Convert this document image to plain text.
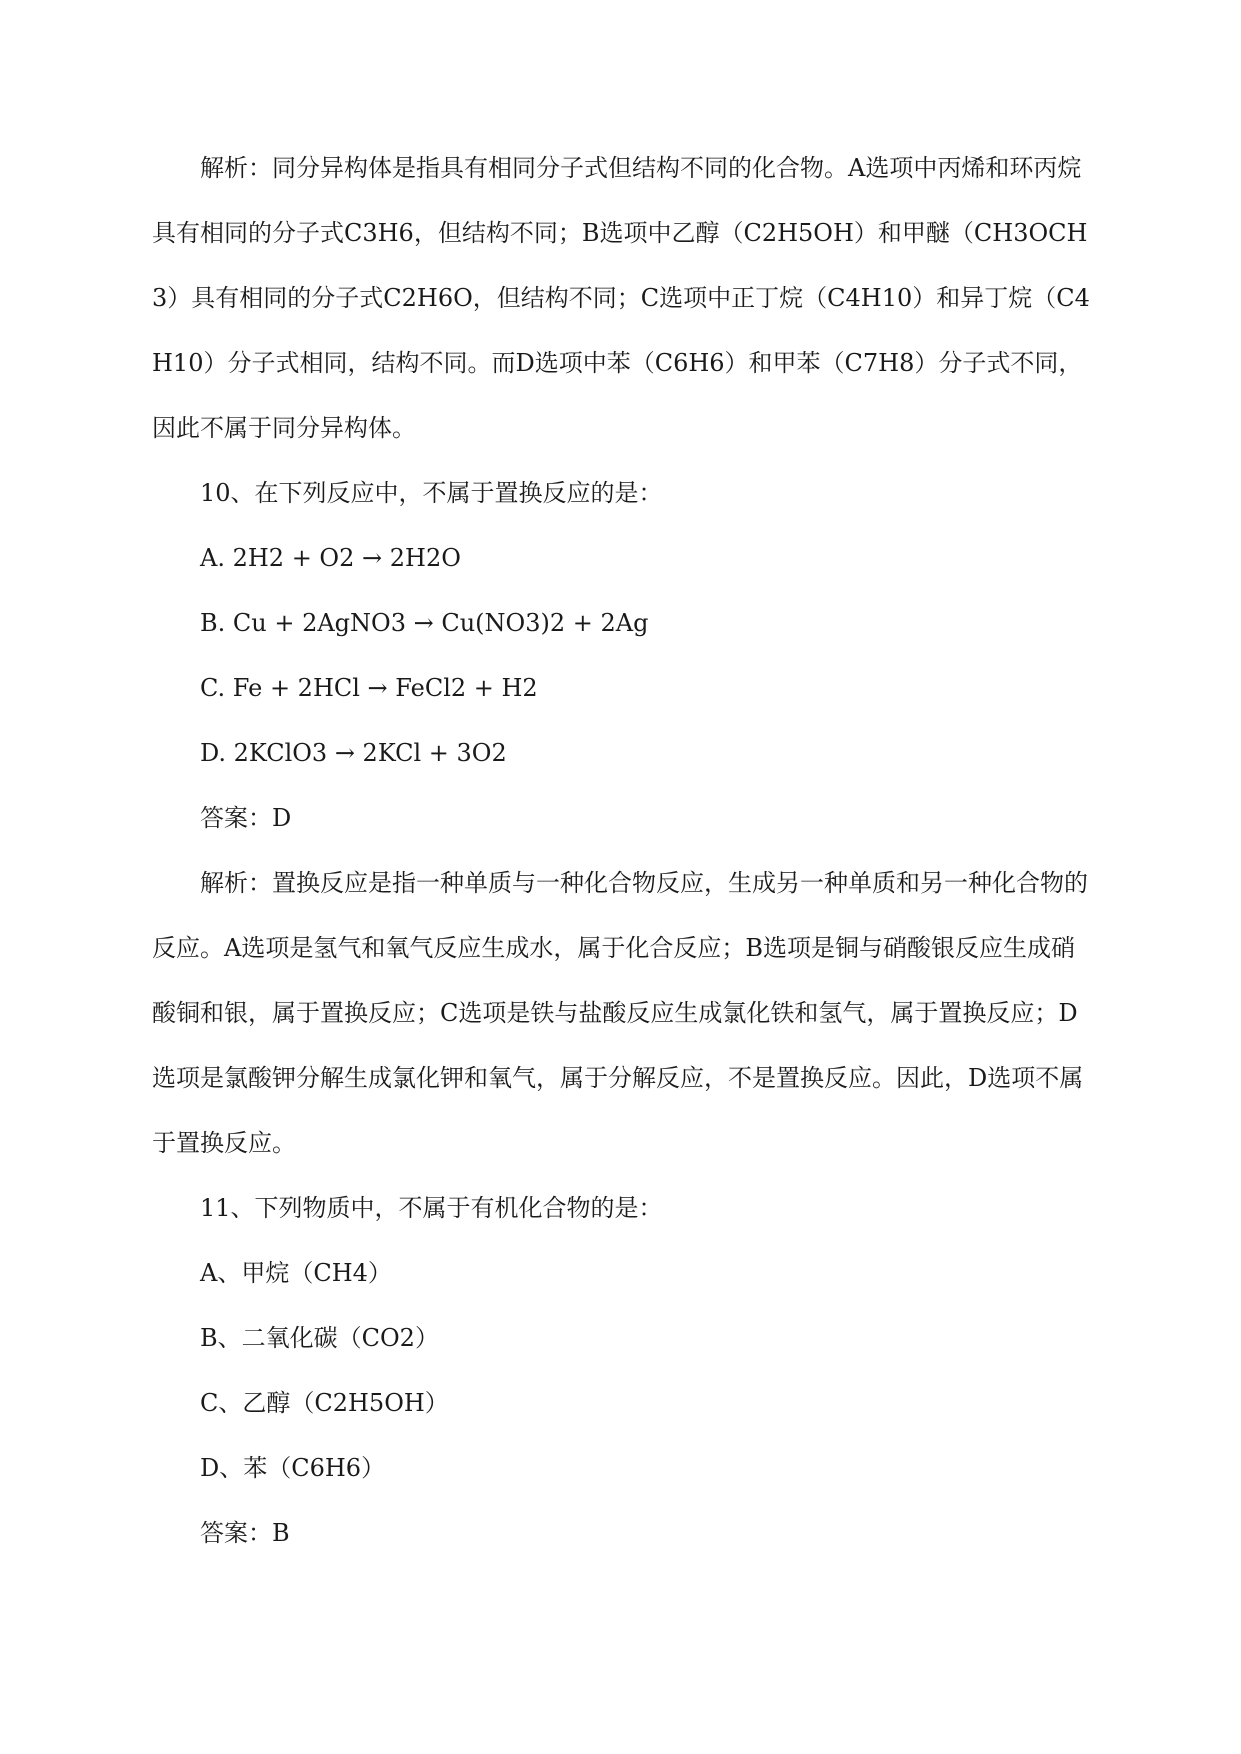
解析：同分异构体是指具有相同分子式但结构不同的化合物。A选项中丙烯和环丙烷具有相同的分子式C3H6，但结构不同；B选项中乙醇（C2H5OH）和甲醚（CH3OCH3）具有相同的分子式C2H6O，但结构不同；C选项中正丁烷（C4H10）和异丁烷（C4H10）分子式相同，结构不同。而D选项中苯（C6H6）和甲苯（C7H8）分子式不同，因此不属于同分异构体。

10、在下列反应中，不属于置换反应的是：

A. 2H2 + O2 → 2H2O

B. Cu + 2AgNO3 → Cu(NO3)2 + 2Ag

C. Fe + 2HCl → FeCl2 + H2

D. 2KClO3 → 2KCl + 3O2

答案：D

解析：置换反应是指一种单质与一种化合物反应，生成另一种单质和另一种化合物的反应。A选项是氢气和氧气反应生成水，属于化合反应；B选项是铜与硝酸银反应生成硝酸铜和银，属于置换反应；C选项是铁与盐酸反应生成氯化铁和氢气，属于置换反应；D选项是氯酸钾分解生成氯化钾和氧气，属于分解反应，不是置换反应。因此，D选项不属于置换反应。

11、下列物质中，不属于有机化合物的是：

A、甲烷（CH4）

B、二氧化碳（CO2）

C、乙醇（C2H5OH）

D、苯（C6H6）

答案：B
